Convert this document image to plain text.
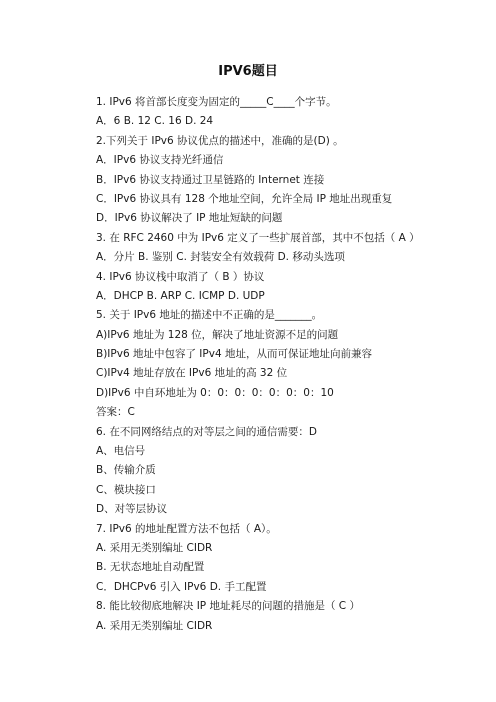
IPV6题目
1. IPv6 将首部长度变为固定的_____C____个字节。
A．6 B. 12 C. 16 D. 24
2.下列关于 IPv6 协议优点的描述中，准确的是(D) 。
A．IPv6 协议支持光纤通信
B．IPv6 协议支持通过卫星链路的 Internet 连接
C．IPv6 协议具有 128 个地址空间，允许全局 IP 地址出现重复
D．IPv6 协议解决了 IP 地址短缺的问题
3. 在 RFC 2460 中为 IPv6 定义了一些扩展首部，其中不包括（ A ）
A．分片 B. 鉴别 C. 封装安全有效载荷 D. 移动头选项
4. IPv6 协议栈中取消了（ B ）协议
A．DHCP B. ARP C. ICMP D. UDP
5. 关于 IPv6 地址的描述中不正确的是_______。
A)IPv6 地址为 128 位，解决了地址资源不足的问题
B)IPv6 地址中包容了 IPv4 地址，从而可保证地址向前兼容
C)IPv4 地址存放在 IPv6 地址的高 32 位
D)IPv6 中自环地址为 0：0：0：0：0：0：0：10
答案：C
6. 在不同网络结点的对等层之间的通信需要：D
A、电信号
B、传输介质
C、模块接口
D、对等层协议
7. IPv6 的地址配置方法不包括（ A）。
A. 采用无类别编址 CIDR
B. 无状态地址自动配置
C．DHCPv6 引入 IPv6 D. 手工配置
8. 能比较彻底地解决 IP 地址耗尽的问题的措施是（ C ）
A. 采用无类别编址 CIDR
